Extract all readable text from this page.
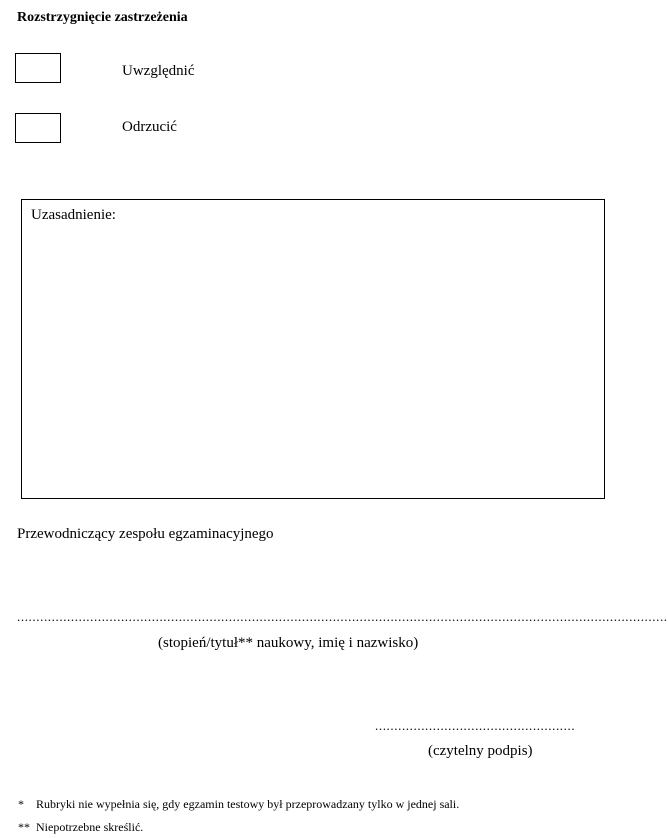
Rozstrzygnięcie zastrzeżenia
Uwzględnić
Odrzucić
Uzasadnienie:
Przewodniczący zespołu egzaminacyjnego
.........................................................................................................................................................................
(stopień/tytuł** naukowy, imię i nazwisko)
....................................................
(czytelny podpis)
* Rubryki nie wypełnia się, gdy egzamin testowy był przeprowadzany tylko w jednej sali.
** Niepotrzebne skreślić.
